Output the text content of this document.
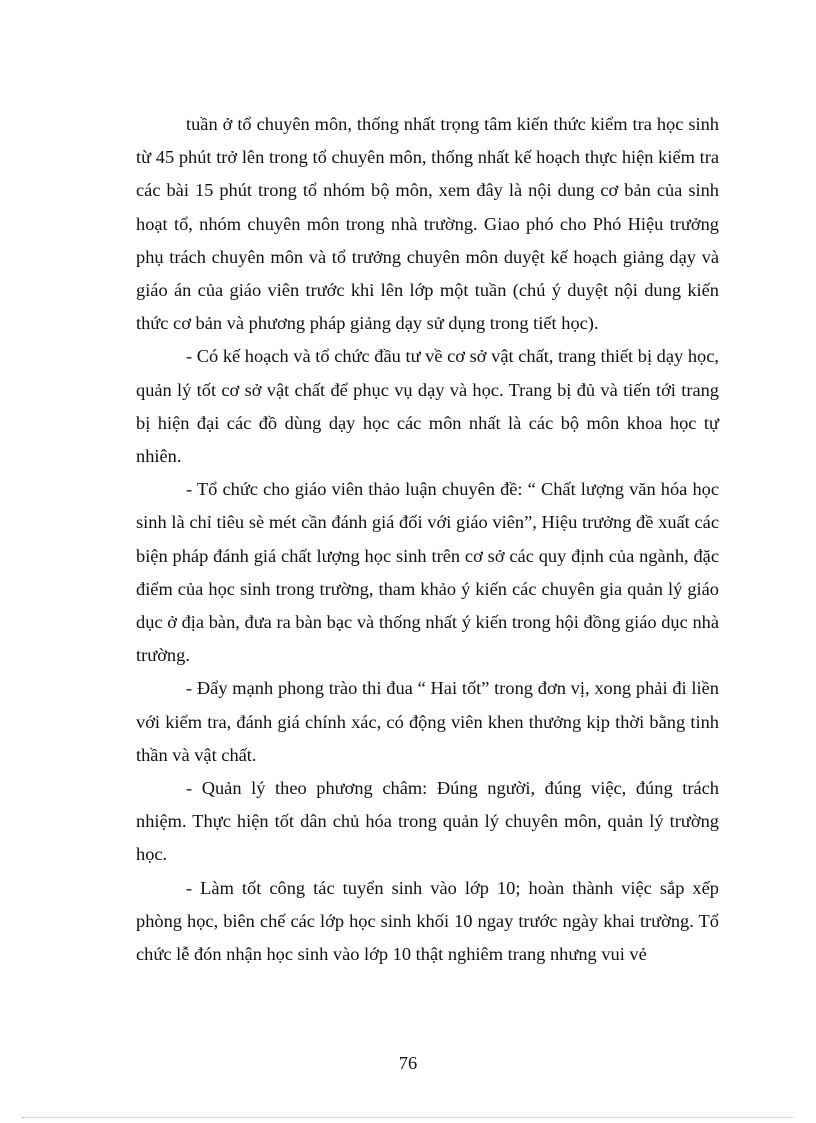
tuần ở tổ chuyên môn, thống nhất trọng tâm kiến thức kiểm tra học sinh từ 45 phút trở lên trong tổ chuyên môn, thống nhất kế hoạch thực hiện kiểm tra các bài 15 phút trong tổ nhóm bộ môn, xem đây là nội dung cơ bản của sinh hoạt tổ, nhóm chuyên môn trong nhà trường. Giao phó cho Phó Hiệu trưởng phụ trách chuyên môn và tổ trưởng chuyên môn duyệt kế hoạch giảng dạy và giáo án của giáo viên trước khi lên lớp một tuần (chú ý duyệt nội dung kiến thức cơ bản và phương pháp giảng dạy sử dụng trong tiết học).

- Có kế hoạch và tổ chức đầu tư về cơ sở vật chất, trang thiết bị dạy học, quản lý tốt cơ sở vật chất để phục vụ dạy và học. Trang bị đủ và tiến tới trang bị hiện đại các đồ dùng dạy học các môn nhất là các bộ môn khoa học tự nhiên.

- Tổ chức cho giáo viên thảo luận chuyên đề: “ Chất lượng văn hóa học sinh là chỉ tiêu sè mét cần đánh giá đối với giáo viên”, Hiệu trưởng đề xuất các biện pháp đánh giá chất lượng học sinh trên cơ sở các quy định của ngành, đặc điểm của học sinh trong trường, tham khảo ý kiến các chuyên gia quản lý giáo dục ở địa bàn, đưa ra bàn bạc và thống nhất ý kiến trong hội đồng giáo dục nhà trường.

- Đẩy mạnh phong trào thi đua “ Hai tốt” trong đơn vị, xong phải đi liền với kiểm tra, đánh giá chính xác, có động viên khen thưởng kịp thời bằng tinh thần và vật chất.

- Quản lý theo phương châm: Đúng người, đúng việc, đúng trách nhiệm. Thực hiện tốt dân chủ hóa trong quản lý chuyên môn, quản lý trường học.

- Làm tốt công tác tuyển sinh vào lớp 10; hoàn thành việc sắp xếp phòng học, biên chế các lớp học sinh khối 10 ngay trước ngày khai trường. Tổ chức lễ đón nhận học sinh vào lớp 10 thật nghiêm trang nhưng vui vẻ

76
